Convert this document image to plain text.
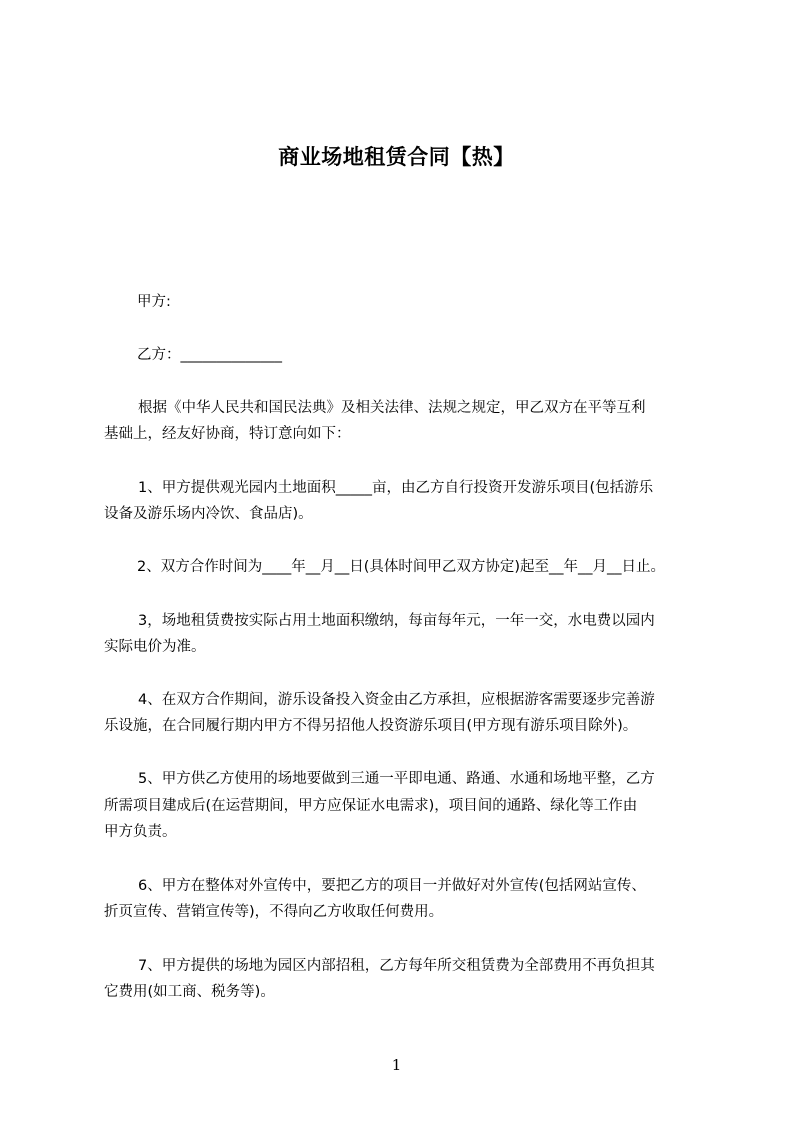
商业场地租赁合同【热】
甲方:
乙方：______________
根据《中华人民共和国民法典》及相关法律、法规之规定，甲乙双方在平等互利
基础上，经友好协商，特订意向如下：
1、甲方提供观光园内土地面积_____亩，由乙方自行投资开发游乐项目(包括游乐
设备及游乐场内冷饮、食品店)。
2、双方合作时间为____年__月__日(具体时间甲乙双方协定)起至__年__月__日止。
3，场地租赁费按实际占用土地面积缴纳，每亩每年元，一年一交，水电费以园内
实际电价为准。
4、在双方合作期间，游乐设备投入资金由乙方承担，应根据游客需要逐步完善游
乐设施，在合同履行期内甲方不得另招他人投资游乐项目(甲方现有游乐项目除外)。
5、甲方供乙方使用的场地要做到三通一平即电通、路通、水通和场地平整，乙方
所需项目建成后(在运营期间，甲方应保证水电需求)，项目间的通路、绿化等工作由
甲方负责。
6、甲方在整体对外宣传中，要把乙方的项目一并做好对外宣传(包括网站宣传、
折页宣传、营销宣传等)，不得向乙方收取任何费用。
7、甲方提供的场地为园区内部招租，乙方每年所交租赁费为全部费用不再负担其
它费用(如工商、税务等)。
1
